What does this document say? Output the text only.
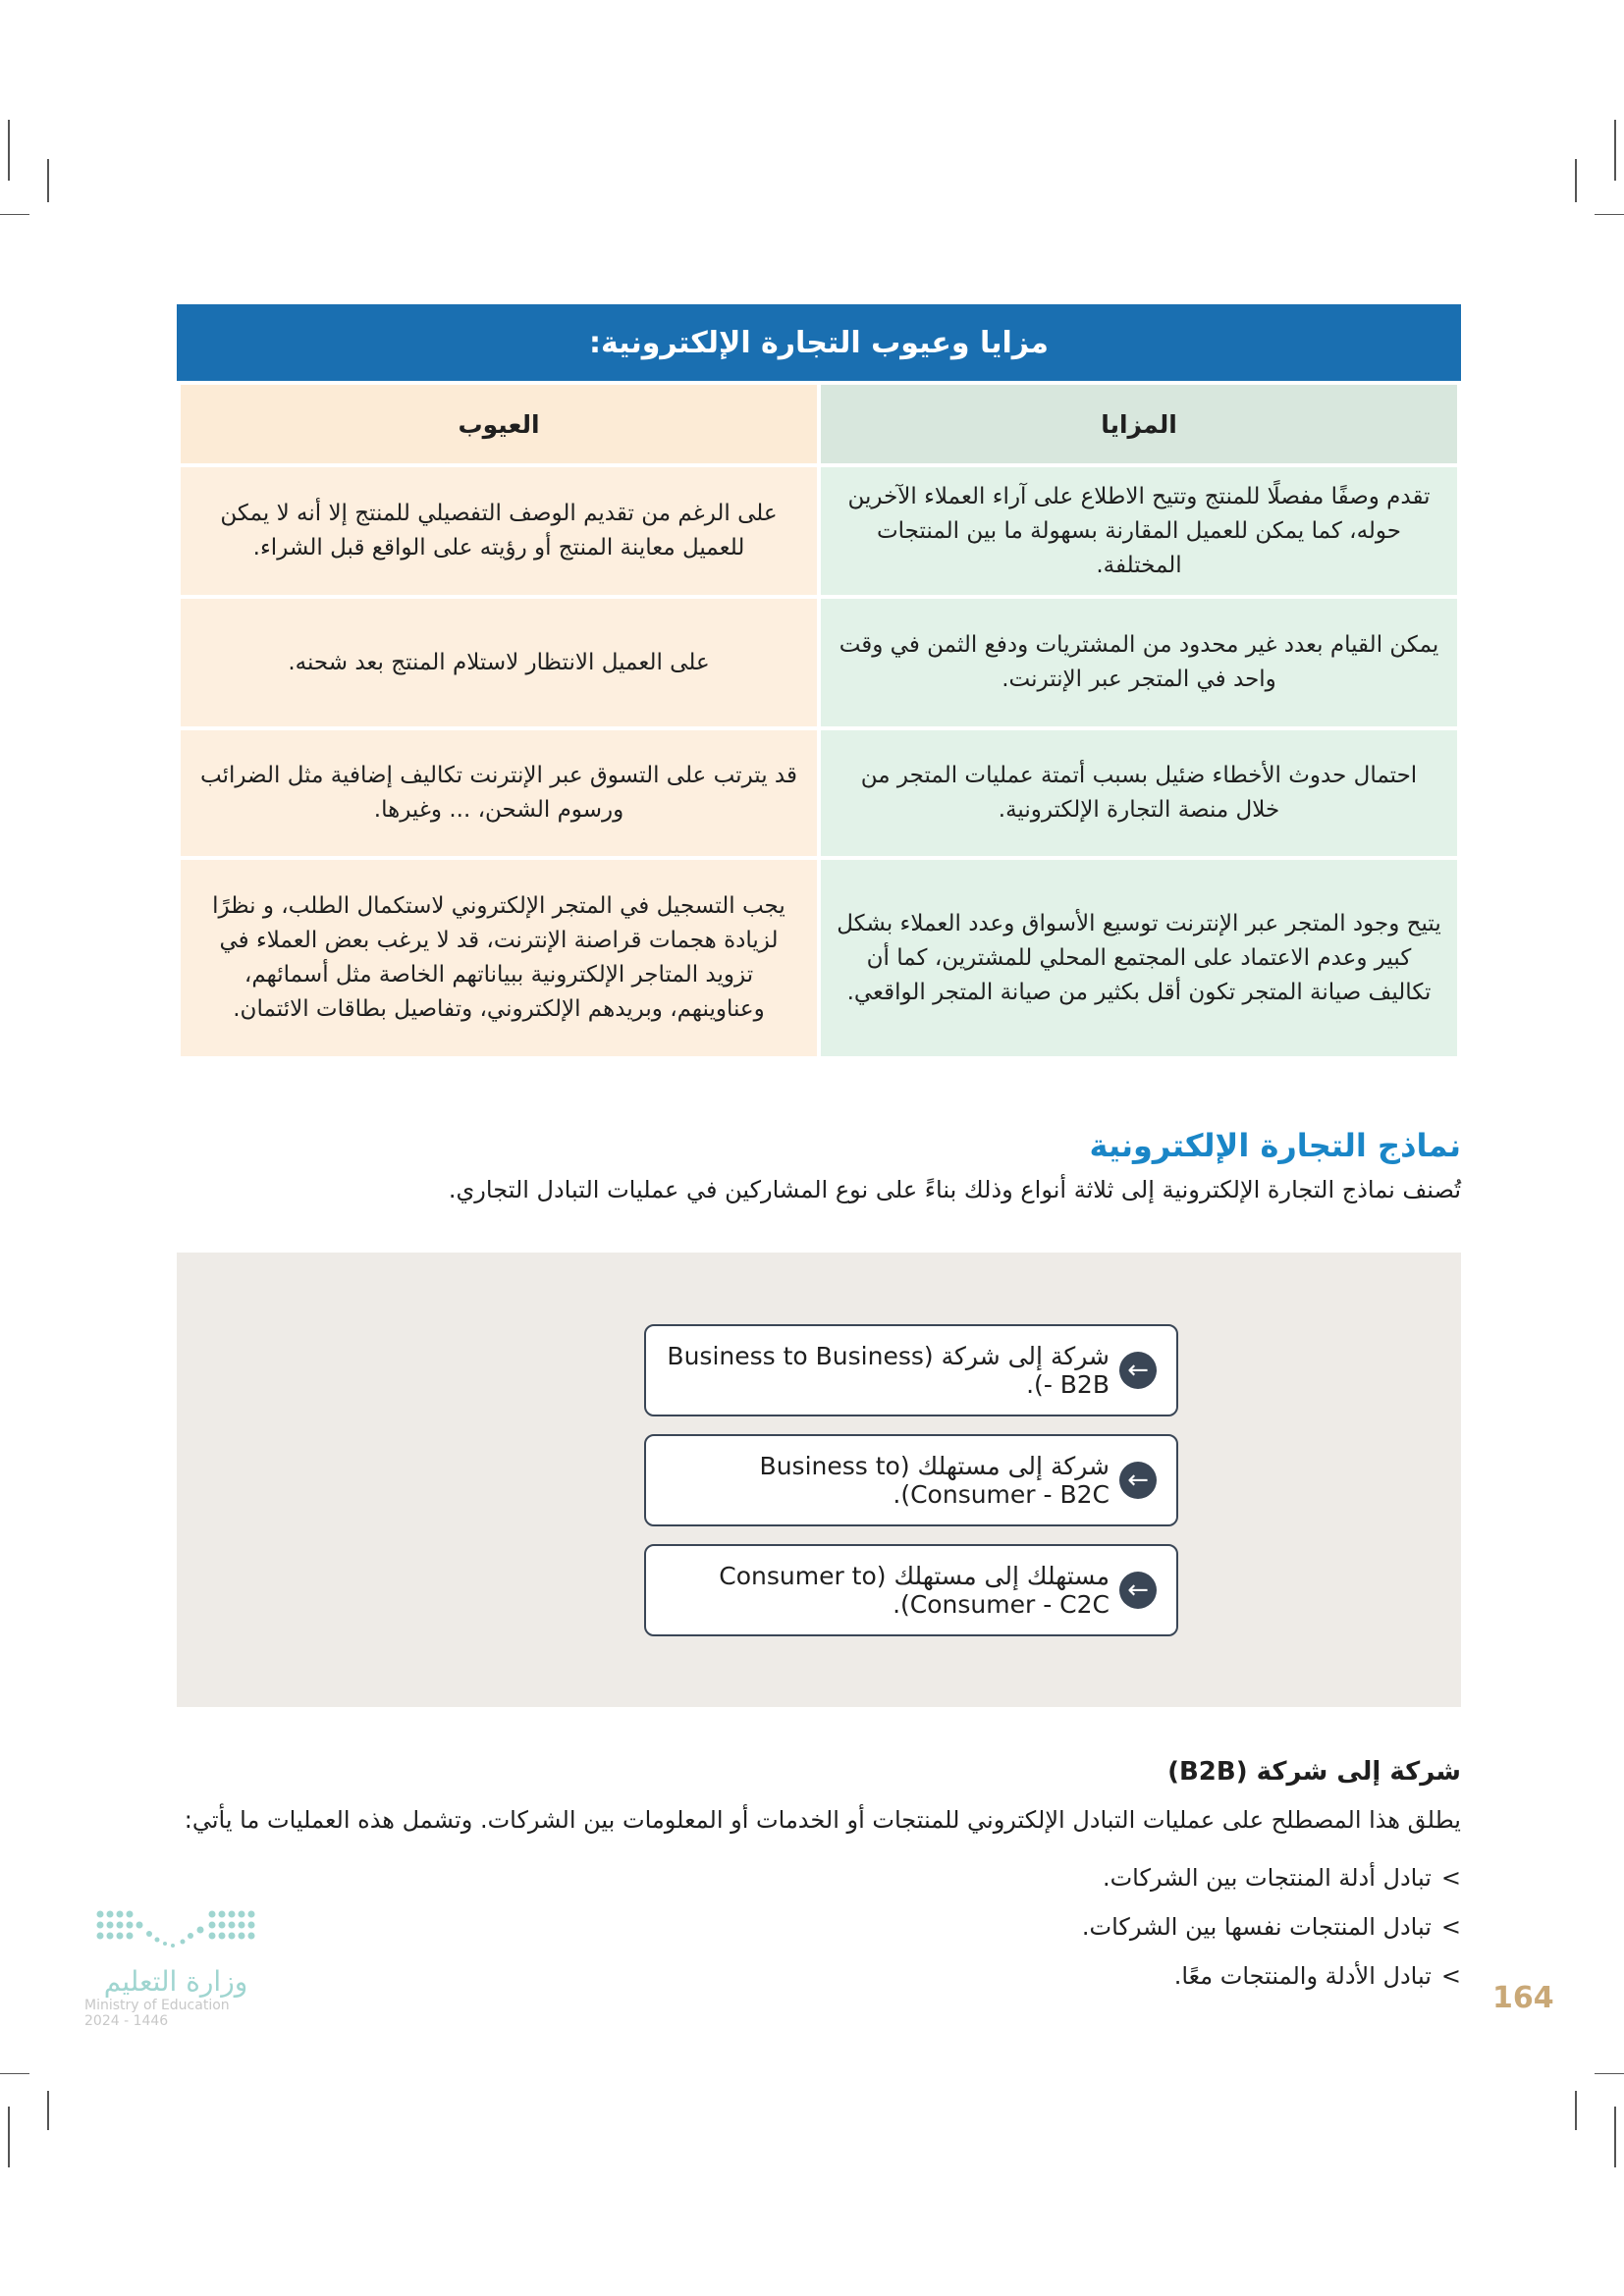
مزايا وعيوب التجارة الإلكترونية:
المزايا	العيوب
تقدم وصفًا مفصلًا للمنتج وتتيح الاطلاع على آراء العملاء الآخرين حوله، كما يمكن للعميل المقارنة بسهولة ما بين المنتجات المختلفة.	على الرغم من تقديم الوصف التفصيلي للمنتج إلا أنه لا يمكن للعميل معاينة المنتج أو رؤيته على الواقع قبل الشراء.
يمكن القيام بعدد غير محدود من المشتريات ودفع الثمن في وقت واحد في المتجر عبر الإنترنت.	على العميل الانتظار لاستلام المنتج بعد شحنه.
احتمال حدوث الأخطاء ضئيل بسبب أتمتة عمليات المتجر من خلال منصة التجارة الإلكترونية.	قد يترتب على التسوق عبر الإنترنت تكاليف إضافية مثل الضرائب ورسوم الشحن، ... وغيرها.
يتيح وجود المتجر عبر الإنترنت توسيع الأسواق وعدد العملاء بشكل كبير وعدم الاعتماد على المجتمع المحلي للمشترين، كما أن تكاليف صيانة المتجر تكون أقل بكثير من صيانة المتجر الواقعي.	يجب التسجيل في المتجر الإلكتروني لاستكمال الطلب، و نظرًا لزيادة هجمات قراصنة الإنترنت، قد لا يرغب بعض العملاء في تزويد المتاجر الإلكترونية ببياناتهم الخاصة مثل أسمائهم، وعناوينهم، وبريدهم الإلكتروني، وتفاصيل بطاقات الائتمان.
نماذج التجارة الإلكترونية
تُصنف نماذج التجارة الإلكترونية إلى ثلاثة أنواع وذلك بناءً على نوع المشاركين في عمليات التبادل التجاري.
←
شركة إلى شركة (Business to Business - B2B).
←
شركة إلى مستهلك (Business to Consumer - B2C).
←
مستهلك إلى مستهلك (Consumer to Consumer - C2C).
شركة إلى شركة (B2B)
يطلق هذا المصطلح على عمليات التبادل الإلكتروني للمنتجات أو الخدمات أو المعلومات بين الشركات. وتشمل هذه العمليات ما يأتي:
>تبادل أدلة المنتجات بين الشركات.
>تبادل المنتجات نفسها بين الشركات.
>تبادل الأدلة والمنتجات معًا.
164
وزارة التعليم
Ministry of Education
2024 - 1446
